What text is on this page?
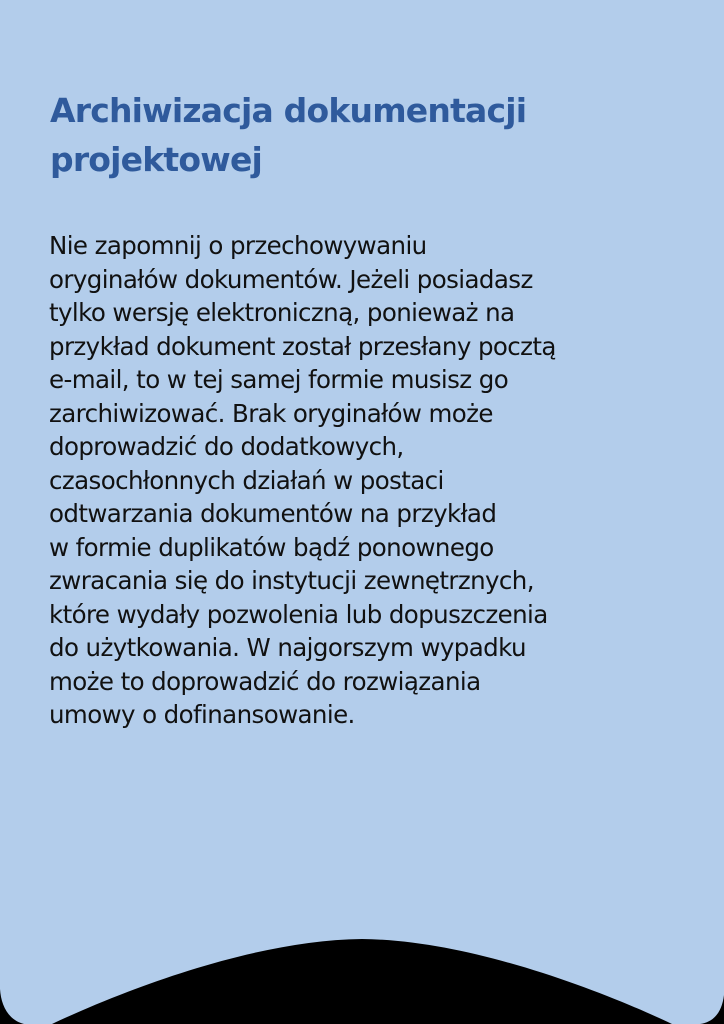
Archiwizacja dokumentacji
projektowej

Nie zapomnij o przechowywaniu
oryginałów dokumentów. Jeżeli posiadasz
tylko wersję elektroniczną, ponieważ na
przykład dokument został przesłany pocztą
e-mail, to w tej samej formie musisz go
zarchiwizować. Brak oryginałów może
doprowadzić do dodatkowych,
czasochłonnych działań w postaci
odtwarzania dokumentów na przykład
w formie duplikatów bądź ponownego
zwracania się do instytucji zewnętrznych,
które wydały pozwolenia lub dopuszczenia
do użytkowania. W najgorszym wypadku
może to doprowadzić do rozwiązania
umowy o dofinansowanie.
